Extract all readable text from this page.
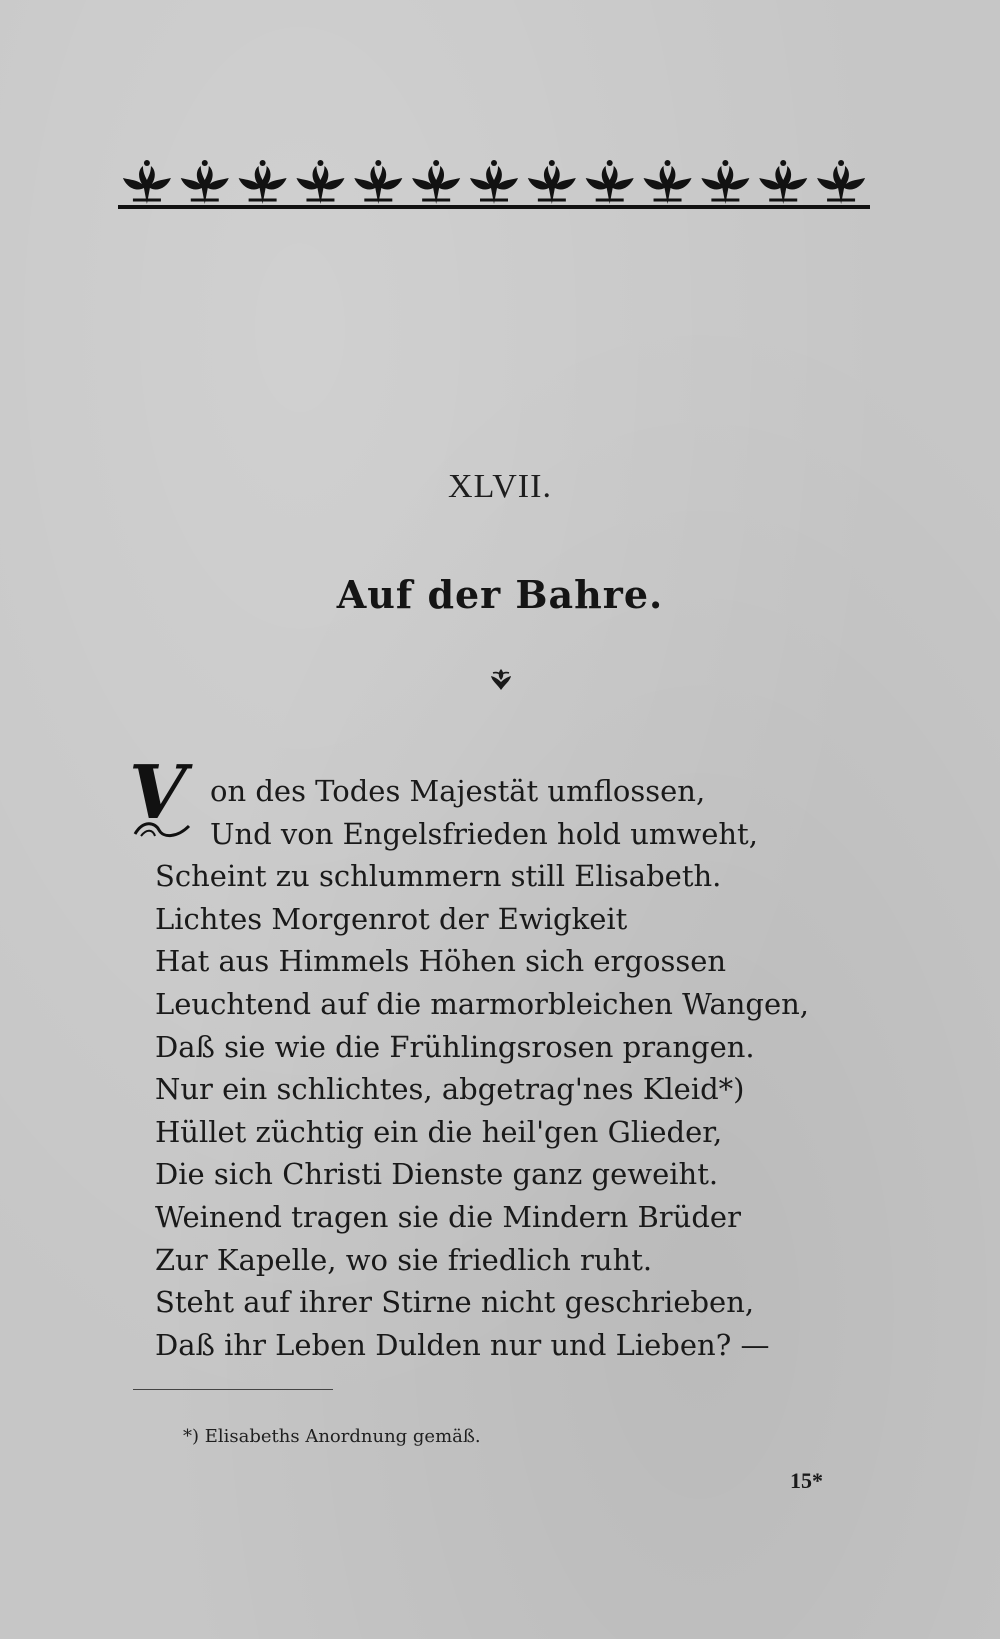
XLVII.
Auf der Bahre.
V on des Todes Majestät umflossen,
Und von Engelsfrieden hold umweht,
Scheint zu schlummern still Elisabeth.
Lichtes Morgenrot der Ewigkeit
Hat aus Himmels Höhen sich ergossen
Leuchtend auf die marmorbleichen Wangen,
Daß sie wie die Frühlingsrosen prangen.
Nur ein schlichtes, abgetrag'nes Kleid*)
Hüllet züchtig ein die heil'gen Glieder,
Die sich Christi Dienste ganz geweiht.
Weinend tragen sie die Mindern Brüder
Zur Kapelle, wo sie friedlich ruht.
Steht auf ihrer Stirne nicht geschrieben,
Daß ihr Leben Dulden nur und Lieben? —
*) Elisabeths Anordnung gemäß.
15*
